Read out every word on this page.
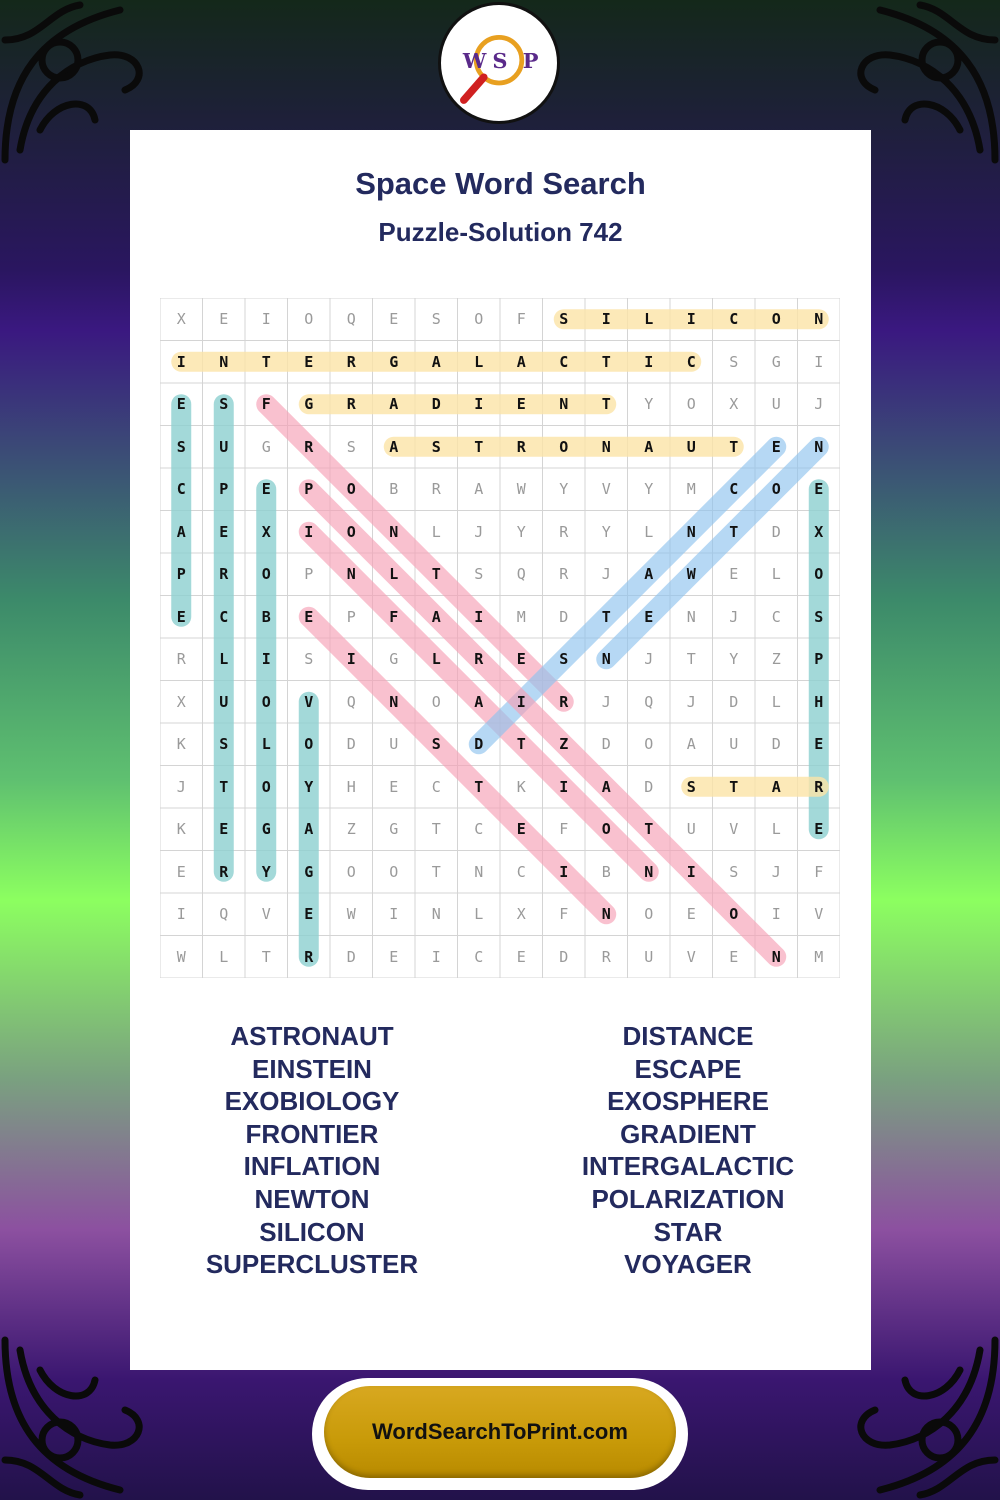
W S P
Space Word Search
Puzzle-Solution 742
X	E	I	O	Q	E	S	O	F	S	I	L	I	C	O	N
I	N	T	E	R	G	A	L	A	C	T	I	C	S	G	I
E	S	F	G	R	A	D	I	E	N	T	Y	O	X	U	J
S	U	G	R	S	A	S	T	R	O	N	A	U	T	E	N
C	P	E	P	O	B	R	A	W	Y	V	Y	M	C	O	E
A	E	X	I	O	N	L	J	Y	R	Y	L	N	T	D	X
P	R	O	P	N	L	T	S	Q	R	J	A	W	E	L	O
E	C	B	E	P	F	A	I	M	D	T	E	N	J	C	S
R	L	I	S	I	G	L	R	E	S	N	J	T	Y	Z	P
X	U	O	V	Q	N	O	A	I	R	J	Q	J	D	L	H
K	S	L	O	D	U	S	D	T	Z	D	O	A	U	D	E
J	T	O	Y	H	E	C	T	K	I	A	D	S	T	A	R
K	E	G	A	Z	G	T	C	E	F	O	T	U	V	L	E
E	R	Y	G	O	O	T	N	C	I	B	N	I	S	J	F
I	Q	V	E	W	I	N	L	X	F	N	O	E	O	I	V
W	L	T	R	D	E	I	C	E	D	R	U	V	E	N	M
ASTRONAUT
EINSTEIN
EXOBIOLOGY
FRONTIER
INFLATION
NEWTON
SILICON
SUPERCLUSTER
DISTANCE
ESCAPE
EXOSPHERE
GRADIENT
INTERGALACTIC
POLARIZATION
STAR
VOYAGER
WordSearchToPrint.com
